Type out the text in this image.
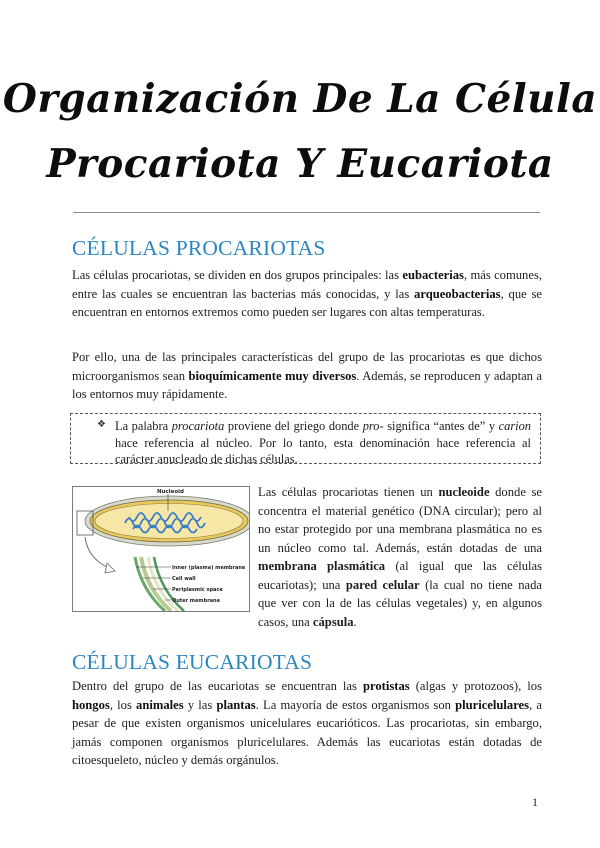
Organización De La Célula
Procariota Y Eucariota
CÉLULAS PROCARIOTAS

Las células procariotas, se dividen en dos grupos principales: las eubacterias, más comunes, entre las cuales se encuentran las bacterias más conocidas, y las arqueobacterias, que se encuentran en entornos extremos como pueden ser lugares con altas temperaturas.

Por ello, una de las principales características del grupo de las procariotas es que dichos microorganismos sean bioquímicamente muy diversos. Además, se reproducen y adaptan a los entornos muy rápidamente.

❖ La palabra procariota proviene del griego donde pro- significa “antes de” y carion hace referencia al núcleo. Por lo tanto, esta denominación hace referencia al carácter anucleado de dichas células.

Nucleoid
Inner (plasma) membrane
Cell wall
Periplasmic space
Outer membrane

Las células procariotas tienen un nucleoide donde se concentra el material genético (DNA circular); pero al no estar protegido por una membrana plasmática no es un núcleo como tal. Además, están dotadas de una membrana plasmática (al igual que las células eucariotas); una pared celular (la cual no tiene nada que ver con la de las células vegetales) y, en algunos casos, una cápsula.

CÉLULAS EUCARIOTAS

Dentro del grupo de las eucariotas se encuentran las protistas (algas y protozoos), los hongos, los animales y las plantas. La mayoría de estos organismos son pluricelulares, a pesar de que existen organismos unicelulares eucarióticos. Las procariotas, sin embargo, jamás componen organismos pluricelulares. Además las eucariotas están dotadas de citoesqueleto, núcleo y demás orgánulos.

1
